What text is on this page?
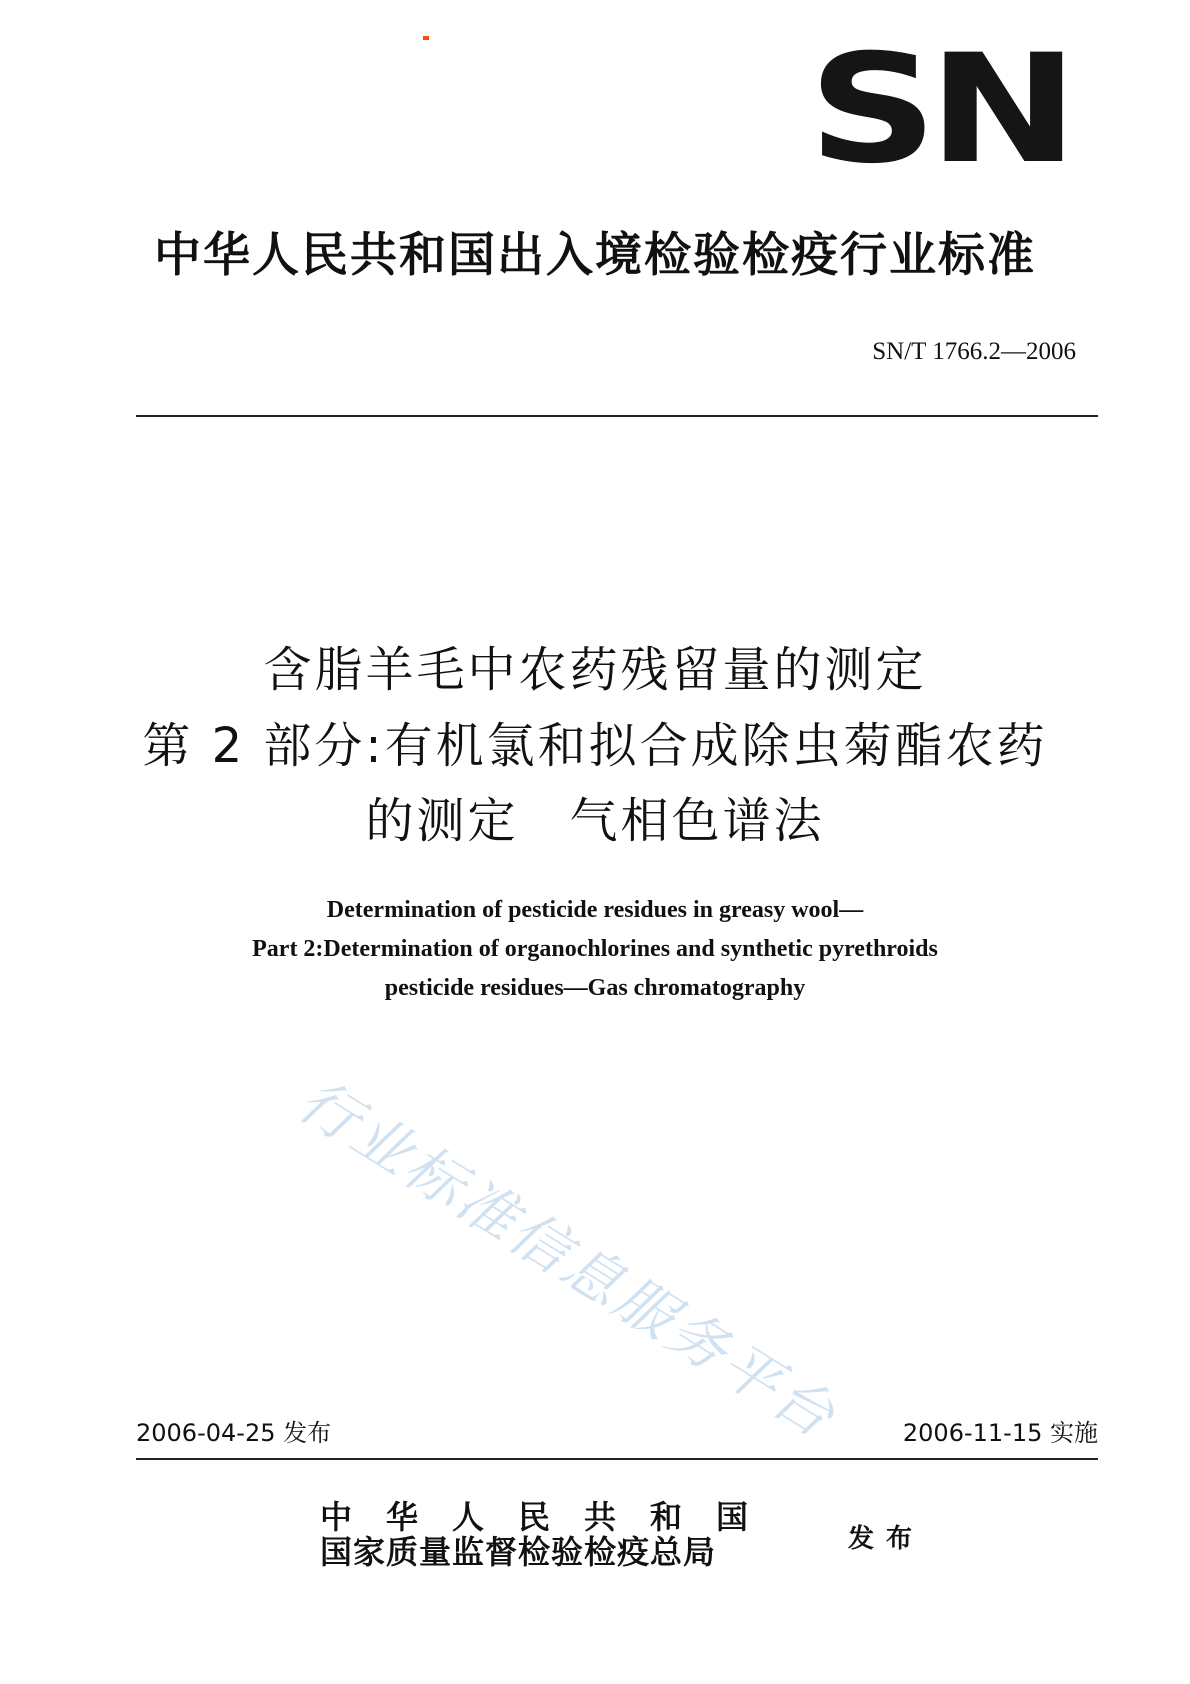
SN
中华人民共和国出入境检验检疫行业标准
SN/T 1766.2—2006
含脂羊毛中农药残留量的测定
第 2 部分:有机氯和拟合成除虫菊酯农药
的测定　气相色谱法
Determination of pesticide residues in greasy wool—
Part 2:Determination of organochlorines and synthetic pyrethroids
pesticide residues—Gas chromatography
行业标准信息服务平台
2006-04-25 发布	2006-11-15 实施
中华人民共和国
国家质量监督检验检疫总局	发布
